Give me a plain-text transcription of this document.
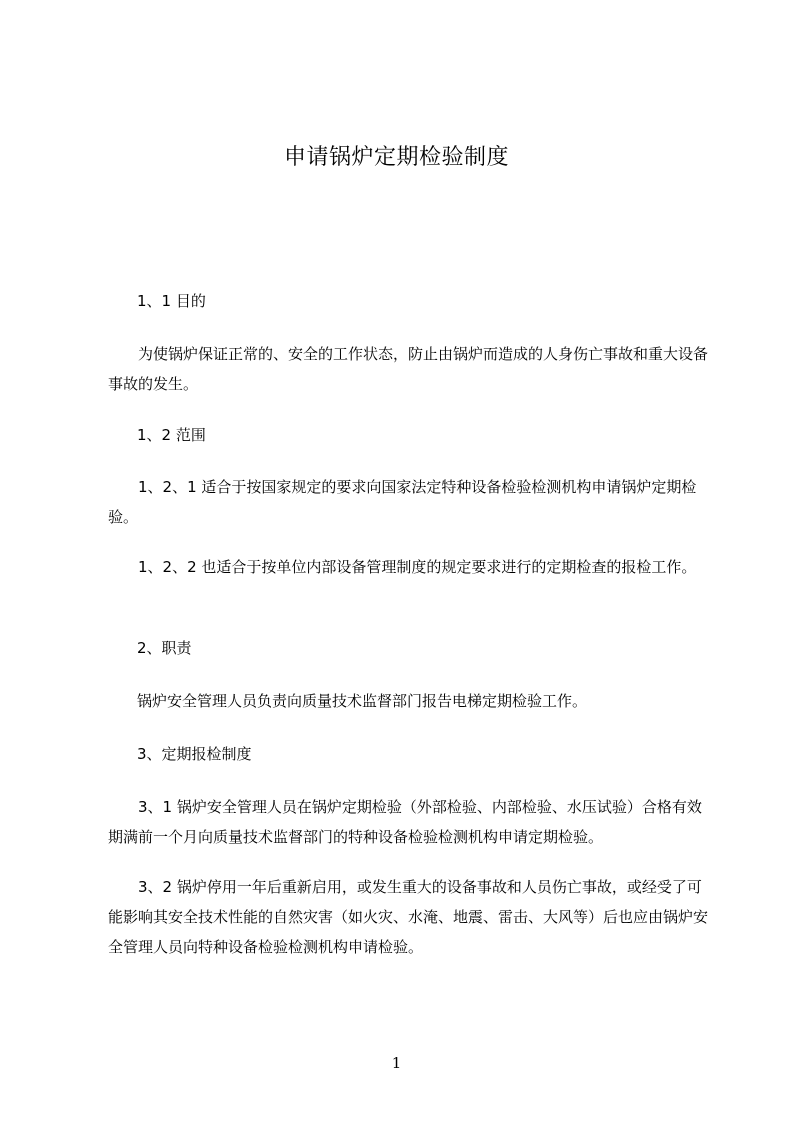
申请锅炉定期检验制度

1、1 目的

为使锅炉保证正常的、安全的工作状态，防止由锅炉而造成的人身伤亡事故和重大设备事故的发生。

1、2 范围

1、2、1 适合于按国家规定的要求向国家法定特种设备检验检测机构申请锅炉定期检验。

1、2、2 也适合于按单位内部设备管理制度的规定要求进行的定期检查的报检工作。

2、职责

锅炉安全管理人员负责向质量技术监督部门报告电梯定期检验工作。

3、定期报检制度

3、1 锅炉安全管理人员在锅炉定期检验（外部检验、内部检验、水压试验）合格有效期满前一个月向质量技术监督部门的特种设备检验检测机构申请定期检验。

3、2 锅炉停用一年后重新启用，或发生重大的设备事故和人员伤亡事故，或经受了可能影响其安全技术性能的自然灾害（如火灾、水淹、地震、雷击、大风等）后也应由锅炉安全管理人员向特种设备检验检测机构申请检验。

1
